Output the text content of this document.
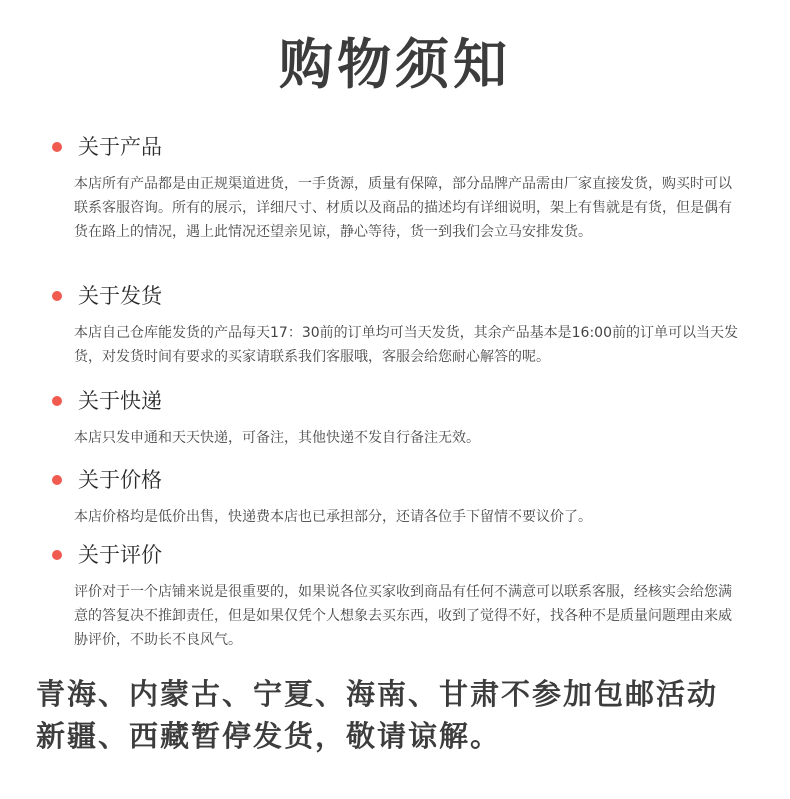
购物须知
关于产品
本店所有产品都是由正规渠道进货，一手货源，质量有保障，部分品牌产品需由厂家直接发货，购买时可以联系客服咨询。所有的展示，详细尺寸、材质以及商品的描述均有详细说明，架上有售就是有货，但是偶有货在路上的情况，遇上此情况还望亲见谅，静心等待，货一到我们会立马安排发货。
关于发货
本店自己仓库能发货的产品每天17：30前的订单均可当天发货，其余产品基本是16:00前的订单可以当天发货，对发货时间有要求的买家请联系我们客服哦，客服会给您耐心解答的呢。
关于快递
本店只发申通和天天快递，可备注，其他快递不发自行备注无效。
关于价格
本店价格均是低价出售，快递费本店也已承担部分，还请各位手下留情不要议价了。
关于评价
评价对于一个店铺来说是很重要的，如果说各位买家收到商品有任何不满意可以联系客服，经核实会给您满意的答复决不推卸责任，但是如果仅凭个人想象去买东西，收到了觉得不好，找各种不是质量问题理由来威胁评价，不助长不良风气。
青海、内蒙古、宁夏、海南、甘肃不参加包邮活动
新疆、西藏暂停发货，敬请谅解。
